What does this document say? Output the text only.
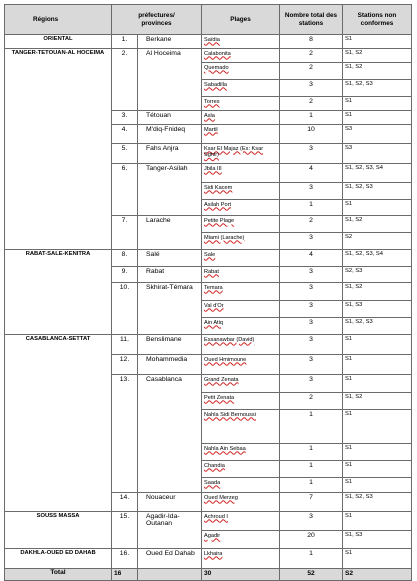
Régions	préfectures/
provinces		Plages	Nombre total des stations	Stations non conformes
ORIENTAL	1.	Berkane	Saïdia	8	S1
TANGER-TETOUAN-AL HOCEIMA	2.	Al Hoceima	Calabonita	2	S1, S2
			Quemado	2	S1, S2
			Sabadilla	3	S1, S2, S3
			Torres	2	S1
	3.	Tétouan	Asla	1	S1
	4.	M'diq-Fnideq	Martil	10	S3
	5.	Fahs Anjra	Ksar El Majaz (Ex: Ksar Sghir)	3	S3
	6.	Tanger-Asilah	Jbila III	4	S1, S2, S3, S4
			Sidi Kacem	3	S1, S2, S3
			Asilah Port	1	S1
	7.	Larache	Petite Plage	2	S1, S2
			Miami (Larache)	3	S2
RABAT-SALE-KENITRA	8.	Salé	Sale	4	S1, S2, S3, S4
	9.	Rabat	Rabat	3	S2, S3
	10.	Skhirat-Témara	Temara	3	S1, S2
			Val d'Or	3	S1, S3
			Ain Atiq	3	S1, S2, S3
CASABLANCA-SETTAT	11.	Benslimane	Essanawbar (David)	3	S1
	12.	Mohammedia	Oued Hmimoune	3	S1
	13.	Casablanca	Grand Zenata	3	S1
			Petit Zenata	2	S1, S2
			Nahla Sidi Bernoussi	1	S1
			Nahla Ain Sebaa	1	S1
			Chandia	1	S1
			Saada	1	S1
	14.	Nouaceur	Oued Merzeg	7	S1, S2, S3
SOUSS MASSA	15.	Agadir-Ida-Outanan	Achroud I	3	S1
			Agadir	20	S1, S3
DAKHLA-OUED ED DAHAB	16.	Oued Ed Dahab	Lkhaira	1	S1
Total	16		30	52	S2
